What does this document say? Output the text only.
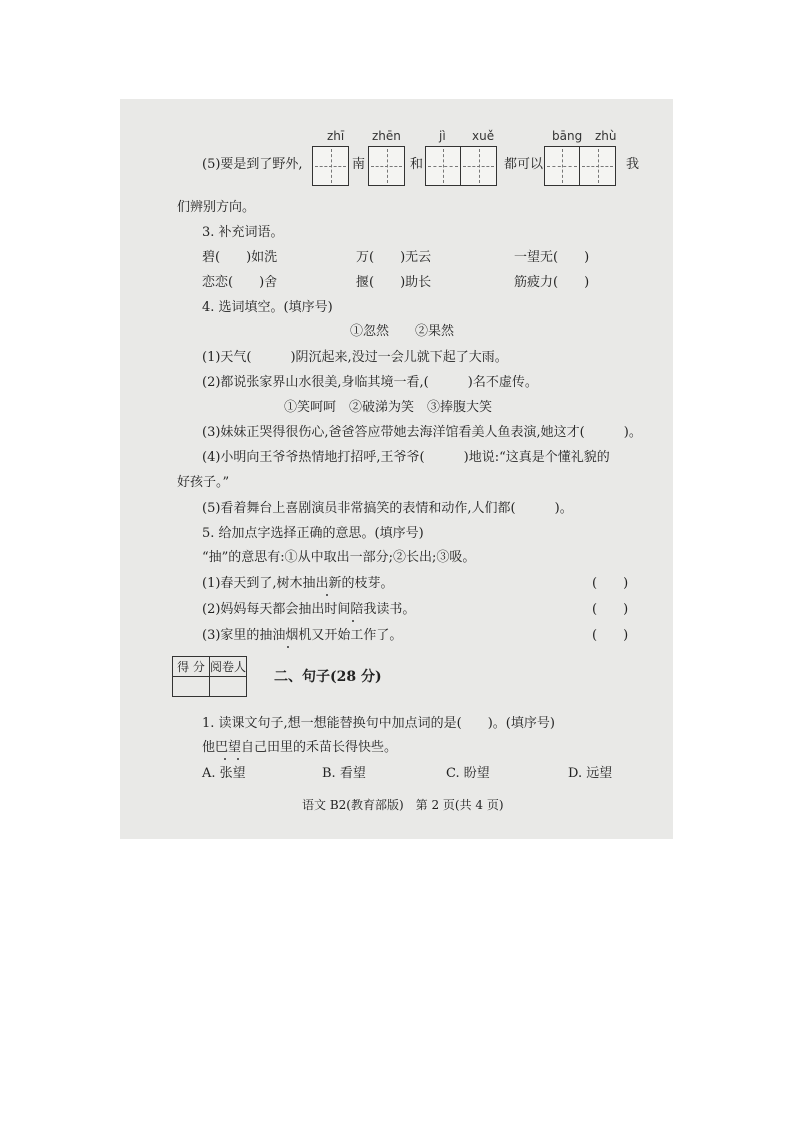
zhī zhēn	jì xuě	bāng zhù
(5)要是到了野外,	南	和	都可以	我
们辨别方向。
3. 补充词语。
碧(　　)如洗	万(　　)无云	一望无(　　)
恋恋(　　)舍	揠(　　)助长	筋疲力(　　)
4. 选词填空。(填序号)
①忽然　　②果然
(1)天气(　　　)阴沉起来,没过一会儿就下起了大雨。
(2)都说张家界山水很美,身临其境一看,(　　　)名不虚传。
①笑呵呵　②破涕为笑　③捧腹大笑
(3)妹妹正哭得很伤心,爸爸答应带她去海洋馆看美人鱼表演,她这才(　　　)。
(4)小明向王爷爷热情地打招呼,王爷爷(　　　)地说:“这真是个懂礼貌的
好孩子。”
(5)看着舞台上喜剧演员非常搞笑的表情和动作,人们都(　　　)。
5. 给加点字选择正确的意思。(填序号)
“抽”的意思有:①从中取出一部分;②长出;③吸。
(1)春天到了,树木抽出新的枝芽。	(　　)
(2)妈妈每天都会抽出时间陪我读书。	(　　)
(3)家里的抽油烟机又开始工作了。	(　　)
得 分	阅卷人

二、句子(28 分)
1. 读课文句子,想一想能替换句中加点词的是(　　)。(填序号)
他巴望自己田里的禾苗长得快些。
A. 张望	B. 看望	C. 盼望	D. 远望
语文 B2(教育部版)　第 2 页(共 4 页)
